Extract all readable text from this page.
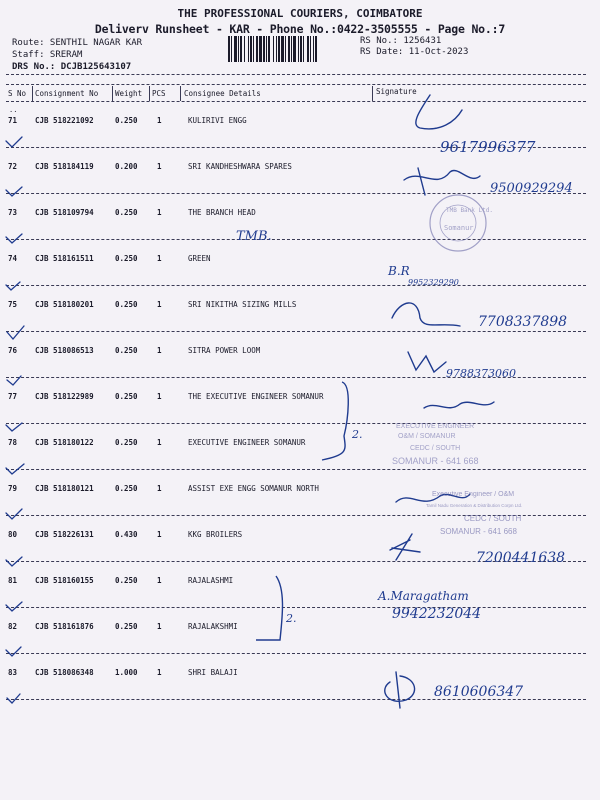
THE PROFESSIONAL COURIERS, COIMBATORE
Deliverv Runsheet - KAR - Phone No.:0422-3505555 - Page No.:7
Route: SENTHIL NAGAR KAR
Staff: SRERAM
DRS No.: DCJB125643107
RS No.: 1256431
RS Date: 11-Oct-2023
S No Consignment No Weight PCS Consignee Details	Signature
..
71 CJB 518221092	0.250	1	KULIRIVI ENGG
72 CJB 518184119	0.200	1	SRI KANDHESHWARA SPARES
73 CJB 518109794	0.250	1	THE BRANCH HEAD
74 CJB 518161511	0.250	1	GREEN
75 CJB 518180201	0.250	1	SRI NIKITHA SIZING MILLS
76 CJB 518086513	0.250	1	SITRA POWER LOOM
77 CJB 518122989	0.250	1	THE EXECUTIVE ENGINEER SOMANUR
78 CJB 518180122	0.250	1	EXECUTIVE ENGINEER SOMANUR
79 CJB 518180121	0.250	1	ASSIST EXE ENGG SOMANUR NORTH
80 CJB 518226131	0.430	1	KKG BROILERS
81 CJB 518160155	0.250	1	RAJALASHMI
82 CJB 518161876	0.250	1	RAJALAKSHMI
83 CJB 518086348	1.000	1	SHRI BALAJI
2.
2.
9617996377
9500929294
TMB.
B.R
9952329290
7708337898
9788373060
7200441638
A.Maragatham
9942232044
8610606347
TMB Bank Ltd.
Somanur
EXECUTIVE ENGINEER
O&M / SOMANUR
CEDC / SOUTH
SOMANUR - 641 668
Executive Engineer / O&M
Tamil Nadu Generation & Distribution Corpn Ltd.
CEDC / SOUTH
SOMANUR - 641 668
